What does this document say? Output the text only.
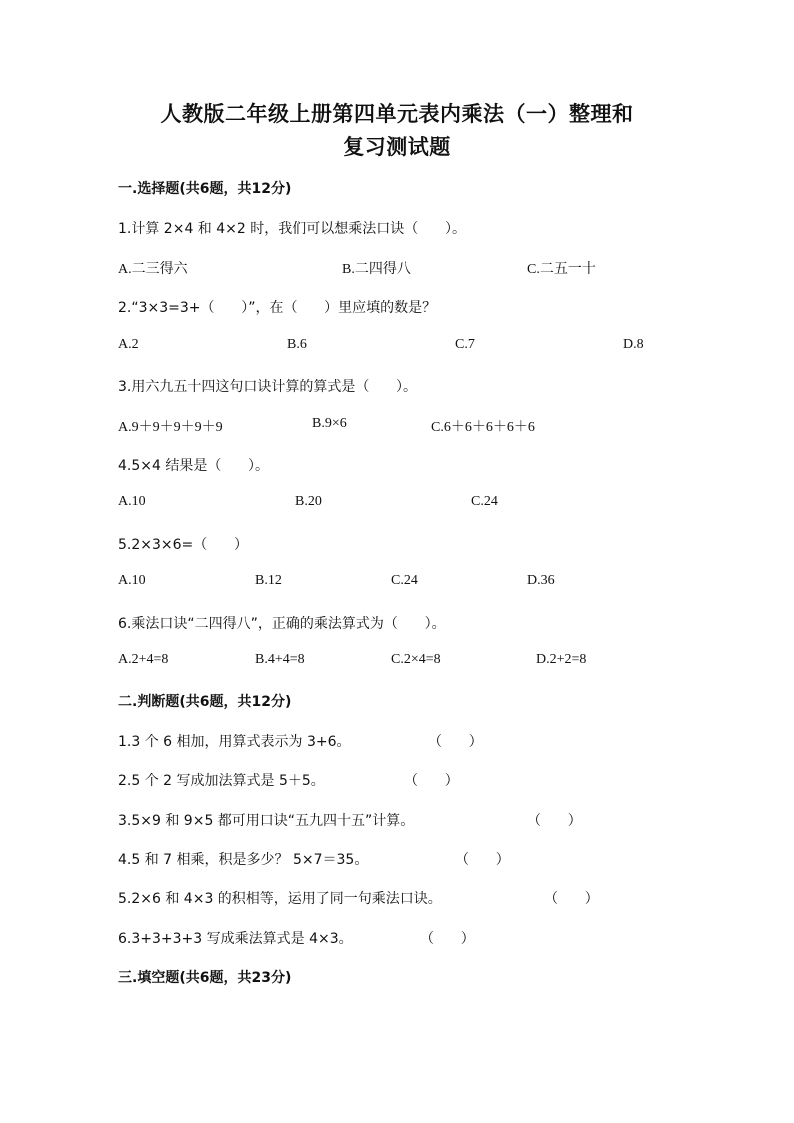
人教版二年级上册第四单元表内乘法（一）整理和
复习测试题
一.选择题(共6题，共12分)
1.计算 2×4 和 4×2 时，我们可以想乘法口诀（      ）。
A.二三得六	B.二四得八	C.二五一十
2.“3×3=3+（      ）”，在（      ）里应填的数是？
A.2	B.6	C.7	D.8
3.用六九五十四这句口诀计算的算式是（      ）。
A.9＋9＋9＋9＋9	B.9×6	C.6＋6＋6＋6＋6
4.5×4 结果是（      ）。
A.10	B.20	C.24
5.2×3×6=（      ）
A.10	B.12	C.24	D.36
6.乘法口诀“二四得八”，正确的乘法算式为（      ）。
A.2+4=8	B.4+4=8	C.2×4=8	D.2+2=8
二.判断题(共6题，共12分)
1.3 个 6 相加，用算式表示为 3+6。	（      ）
2.5 个 2 写成加法算式是 5＋5。	（      ）
3.5×9 和 9×5 都可用口诀“五九四十五”计算。	（      ）
4.5 和 7 相乘，积是多少？ 5×7＝35。	（      ）
5.2×6 和 4×3 的积相等，运用了同一句乘法口诀。	（      ）
6.3+3+3+3 写成乘法算式是 4×3。	（      ）
三.填空题(共6题，共23分)
